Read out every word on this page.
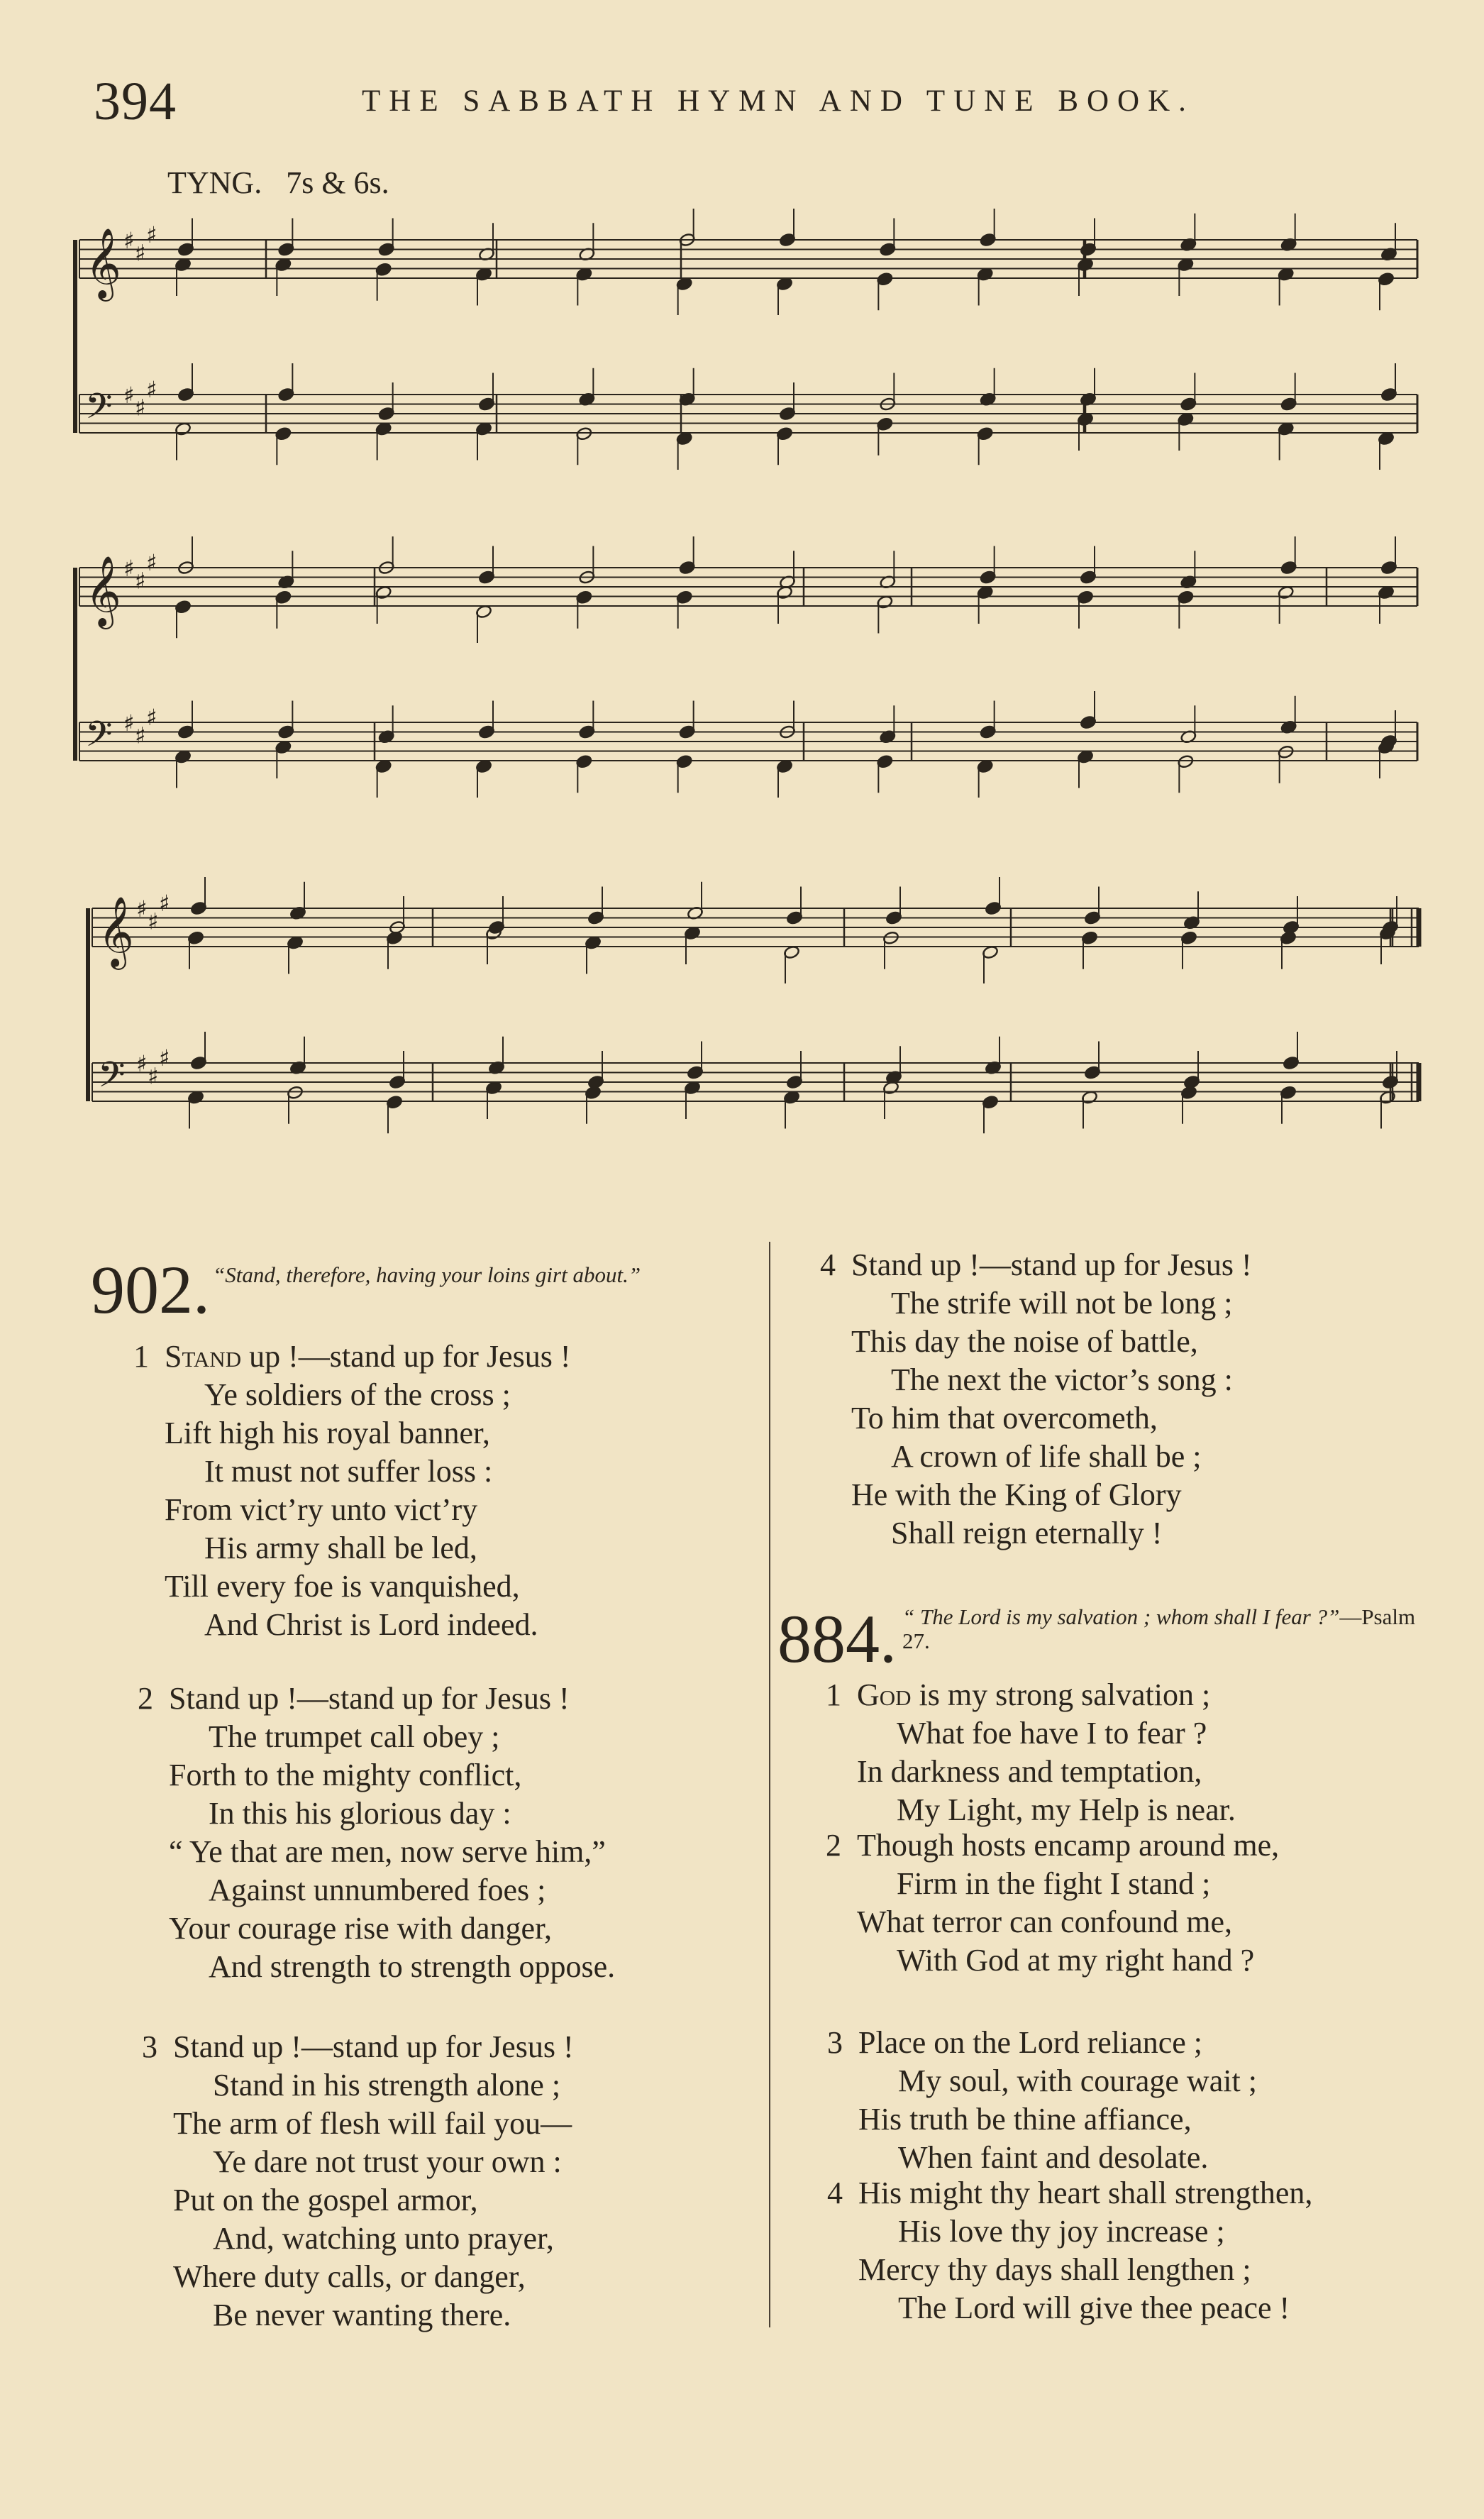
394	THE SABBATH HYMN AND TUNE BOOK.
TYNG. 7s & 6s.
𝄞 ♯ ♯
♯
𝄢 ♯ ♯
♯
𝄞 ♯ ♯
♯
𝄢 ♯ ♯
♯
𝄞 ♯ ♯
♯
𝄢 ♯ ♯
♯
902. “Stand, therefore, having your loins girt about.”
1 Stand up !—stand up for Jesus !
Ye soldiers of the cross ;
Lift high his royal banner,
It must not suffer loss :
From vict’ry unto vict’ry
His army shall be led,
Till every foe is vanquished,
And Christ is Lord indeed.
2 Stand up !—stand up for Jesus !
The trumpet call obey ;
Forth to the mighty conflict,
In this his glorious day :
“ Ye that are men, now serve him,”
Against unnumbered foes ;
Your courage rise with danger,
And strength to strength oppose.
3 Stand up !—stand up for Jesus !
Stand in his strength alone ;
The arm of flesh will fail you—
Ye dare not trust your own :
Put on the gospel armor,
And, watching unto prayer,
Where duty calls, or danger,
Be never wanting there.
4 Stand up !—stand up for Jesus !
The strife will not be long ;
This day the noise of battle,
The next the victor’s song :
To him that overcometh,
A crown of life shall be ;
He with the King of Glory
Shall reign eternally !
884. “ The Lord is my salvation ; whom shall I fear ?”—Psalm 27.
1 God is my strong salvation ;
What foe have I to fear ?
In darkness and temptation,
My Light, my Help is near.
2 Though hosts encamp around me,
Firm in the fight I stand ;
What terror can confound me,
With God at my right hand ?
3 Place on the Lord reliance ;
My soul, with courage wait ;
His truth be thine affiance,
When faint and desolate.
4 His might thy heart shall strengthen,
His love thy joy increase ;
Mercy thy days shall lengthen ;
The Lord will give thee peace !
